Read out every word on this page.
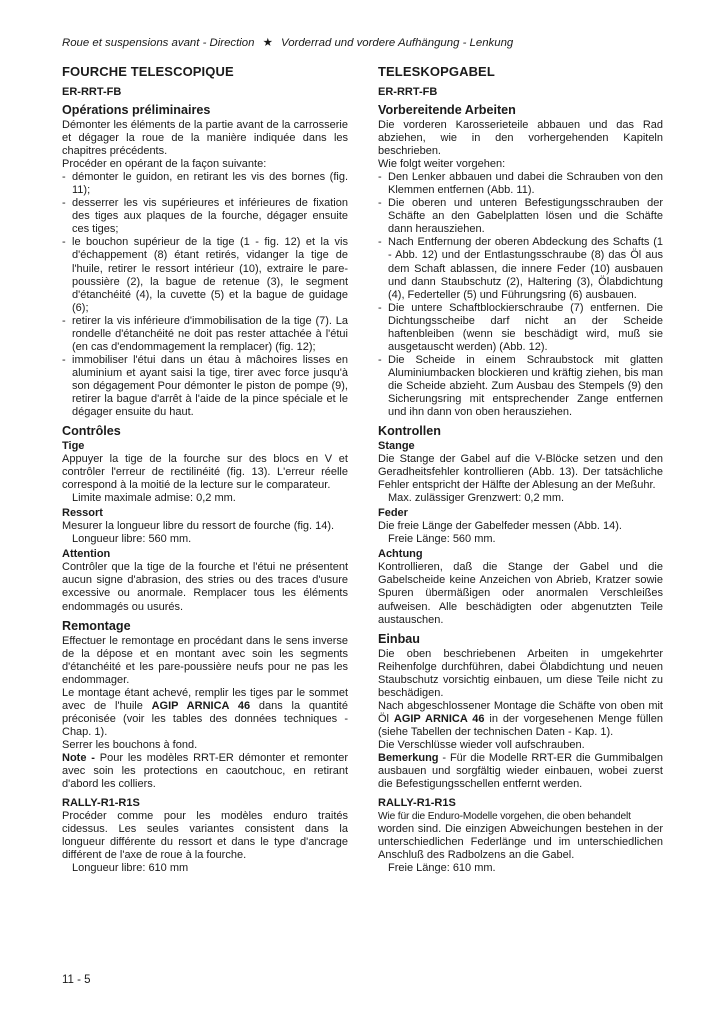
Roue et suspensions avant - Direction ★ Vorderrad und vordere Aufhängung - Lenkung
FOURCHE TELESCOPIQUE
ER-RRT-FB
Opérations préliminaires

Démonter les éléments de la partie avant de la carrosserie et dégager la roue de la manière indiquée dans les chapitres précédents.

Procéder en opérant de la façon suivante:

- démonter le guidon, en retirant les vis des bornes (fig. 11);
- desserrer les vis supérieures et inférieures de fixation des tiges aux plaques de la fourche, dégager ensuite ces tiges;
- le bouchon supérieur de la tige (1 - fig. 12) et la vis d'échappement (8) étant retirés, vidanger la tige de l'huile, retirer le ressort intérieur (10), extraire le pare-poussière (2), la bague de retenue (3), le segment d'étanchéité (4), la cuvette (5) et la bague de guidage (6);
- retirer la vis inférieure d'immobilisation de la tige (7). La rondelle d'étanchéité ne doit pas rester attachée à l'étui (en cas d'endommagement la remplacer) (fig. 12);
- immobiliser l'étui dans un étau à mâchoires lisses en aluminium et ayant saisi la tige, tirer avec force jusqu'à son dégagement Pour démonter le piston de pompe (9), retirer la bague d'arrêt à l'aide de la pince spéciale et le dégager ensuite du haut.
Contrôles
Tige

Appuyer la tige de la fourche sur des blocs en V et contrôler l'erreur de rectilinéité (fig. 13). L'erreur réelle correspond à la moitié de la lecture sur le comparateur.

Limite maximale admise: 0,2 mm.
Ressort

Mesurer la longueur libre du ressort de fourche (fig. 14).

Longueur libre: 560 mm.
Attention

Contrôler que la tige de la fourche et l'étui ne présentent aucun signe d'abrasion, des stries ou des traces d'usure excessive ou anormale. Remplacer tous les éléments endommagés ou usurés.

Remontage

Effectuer le remontage en procédant dans le sens inverse de la dépose et en montant avec soin les segments d'étanchéité et les pare-poussière neufs pour ne pas les endommager.

Le montage étant achevé, remplir les tiges par le sommet avec de l'huile AGIP ARNICA 46 dans la quantité préconisée (voir les tables des données techniques - Chap. 1).

Serrer les bouchons à fond.

Note - Pour les modèles RRT-ER démonter et remonter avec soin les protections en caoutchouc, en retirant d'abord les colliers.

RALLY-R1-R1S

Procéder comme pour les modèles enduro traités cidessus. Les seules variantes consistent dans la longueur différente du ressort et dans le type d'ancrage différent de l'axe de roue à la fourche.

Longueur libre: 610 mm
TELESKOPGABEL
ER-RRT-FB
Vorbereitende Arbeiten

Die vorderen Karosserieteile abbauen und das Rad abziehen, wie in den vorhergehenden Kapiteln beschrieben.

Wie folgt weiter vorgehen:

- Den Lenker abbauen und dabei die Schrauben von den Klemmen entfernen (Abb. 11).
- Die oberen und unteren Befestigungsschrauben der Schäfte an den Gabelplatten lösen und die Schäfte dann herausziehen.
- Nach Entfernung der oberen Abdeckung des Schafts (1 - Abb. 12) und der Entlastungsschraube (8) das Öl aus dem Schaft ablassen, die innere Feder (10) ausbauen und dann Staubschutz (2), Haltering (3), Ölabdichtung (4), Federteller (5) und Führungsring (6) ausbauen.
- Die untere Schaftblockierschraube (7) entfernen. Die Dichtungsscheibe darf nicht an der Scheide haftenbleiben (wenn sie beschädigt wird, muß sie ausgetauscht werden) (Abb. 12).
- Die Scheide in einem Schraubstock mit glatten Aluminiumbacken blockieren und kräftig ziehen, bis man die Scheide abzieht. Zum Ausbau des Stempels (9) den Sicherungsring mit entsprechender Zange entfernen und ihn dann von oben herausziehen.
Kontrollen
Stange

Die Stange der Gabel auf die V-Blöcke setzen und den Geradheitsfehler kontrollieren (Abb. 13). Der tatsächliche Fehler entspricht der Hälfte der Ablesung an der Meßuhr.

Max. zulässiger Grenzwert: 0,2 mm.
Feder

Die freie Länge der Gabelfeder messen (Abb. 14).

Freie Länge: 560 mm.
Achtung

Kontrollieren, daß die Stange der Gabel und die Gabelscheide keine Anzeichen von Abrieb, Kratzer sowie Spuren übermäßigen oder anormalen Verschleißes aufweisen. Alle beschädigten oder abgenutzten Teile austauschen.

Einbau

Die oben beschriebenen Arbeiten in umgekehrter Reihenfolge durchführen, dabei Ölabdichtung und neuen Staubschutz vorsichtig einbauen, um diese Teile nicht zu beschädigen.

Nach abgeschlossener Montage die Schäfte von oben mit Öl AGIP ARNICA 46 in der vorgesehenen Menge füllen (siehe Tabellen der technischen Daten - Kap. 1).

Die Verschlüsse wieder voll aufschrauben.

Bemerkung - Für die Modelle RRT-ER die Gummibalgen ausbauen und sorgfältig wieder einbauen, wobei zuerst die Befestigungsschellen entfernt werden.

RALLY-R1-R1S

Wie für die Enduro-Modelle vorgehen, die oben behandelt

worden sind. Die einzigen Abweichungen bestehen in der unterschiedlichen Federlänge und im unterschiedlichen Anschluß des Radbolzens an die Gabel.

Freie Länge: 610 mm.
11 - 5
